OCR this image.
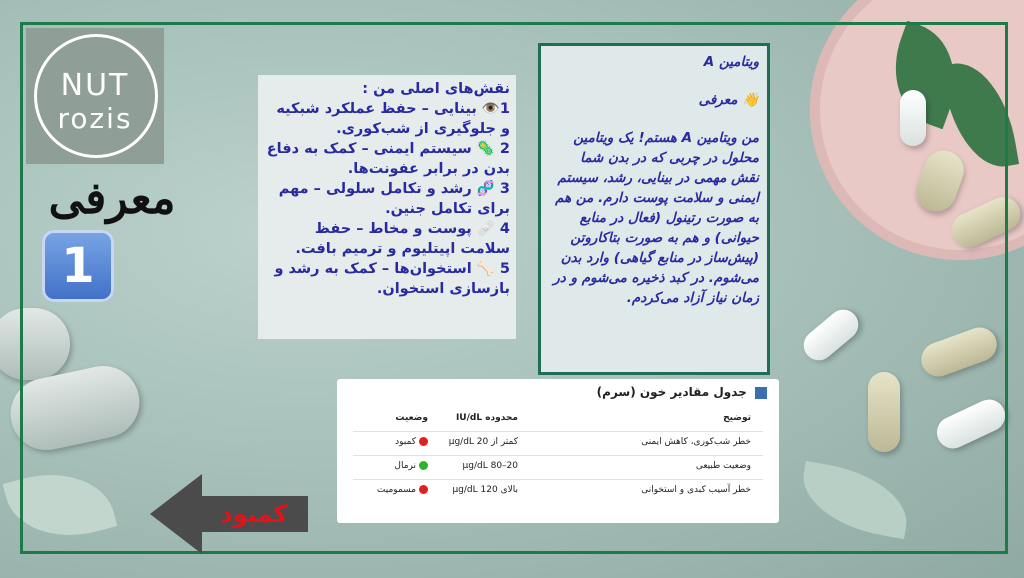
NUT
rozis
معرفی
1
نقش‌های اصلی من :
1👁️ بینایی – حفظ عملکرد شبکیه و جلوگیری از شب‌کوری.
2 🦠 سیستم ایمنی – کمک به دفاع بدن در برابر عفونت‌ها.
3 🧬 رشد و تکامل سلولی – مهم برای تکامل جنین.
4 🩹 پوست و مخاط – حفظ سلامت اپیتلیوم و ترمیم بافت.
5 🦴 استخوان‌ها – کمک به رشد و بازسازی استخوان.
ویتامین A
👋 معرفی
من ویتامین A هستم! یک ویتامین محلول در چربی که در بدن شما نقش مهمی در بینایی، رشد، سیستم ایمنی و سلامت پوست دارم. من هم به صورت رتینول (فعال در منابع حیوانی) و هم به صورت بتاکاروتن (پیش‌ساز در منابع گیاهی) وارد بدن می‌شوم. در کبد ذخیره می‌شوم و در زمان نیاز آزاد می‌کردم.
جدول مقادیر خون (سرم)
توضیح
محدوده IU/dL
وضعیت
خطر شب‌کوری، کاهش ایمنی
کمتر از 20 μg/dL
کمبود
وضعیت طبیعی
20–80 μg/dL
نرمال
خطر آسیب کبدی و استخوانی
بالای 120 μg/dL
مسمومیت
کمبود
